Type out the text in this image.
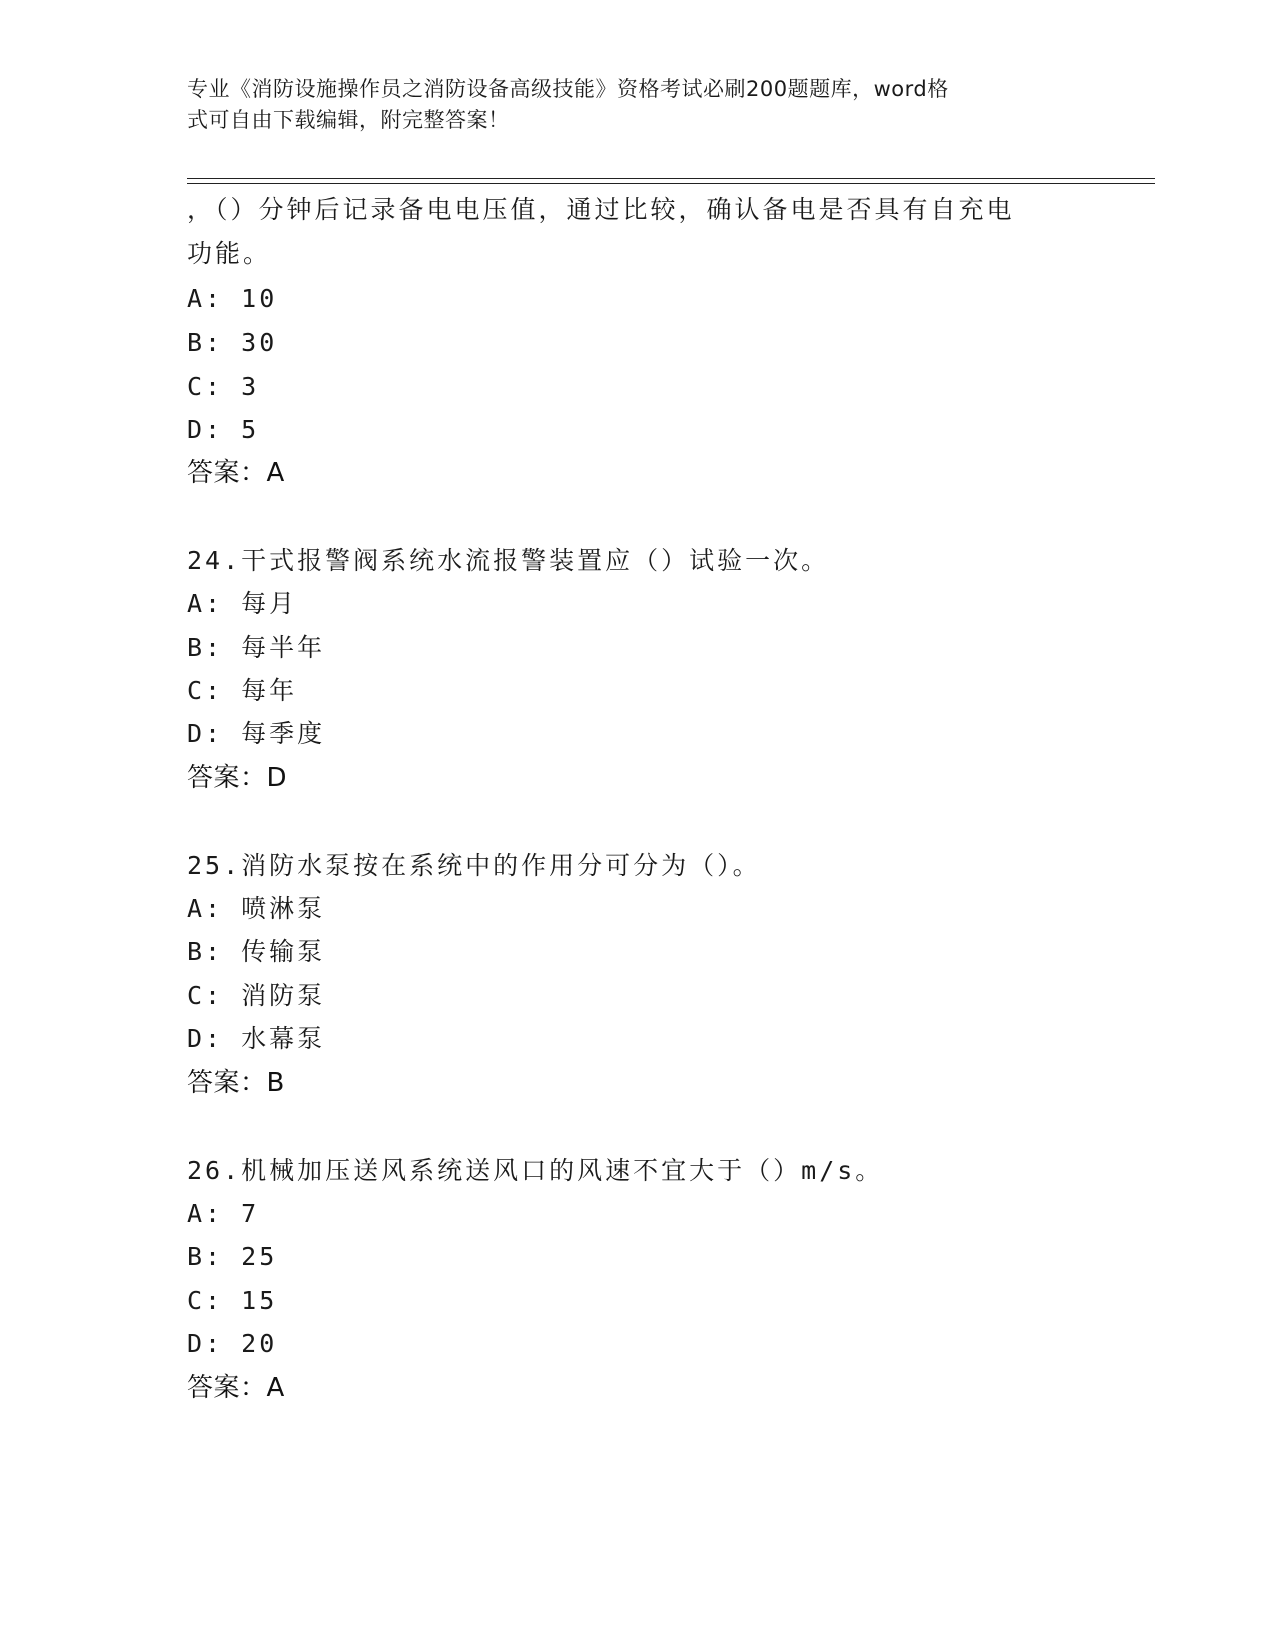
专业《消防设施操作员之消防设备高级技能》资格考试必刷200题题库，word格
式可自由下载编辑，附完整答案！
，（）分钟后记录备电电压值，通过比较，确认备电是否具有自充电
功能。
A: 10
B: 30
C: 3
D: 5
答案：A
24.干式报警阀系统水流报警装置应（）试验一次。
A: 每月
B: 每半年
C: 每年
D: 每季度
答案：D
25.消防水泵按在系统中的作用分可分为（）。
A: 喷淋泵
B: 传输泵
C: 消防泵
D: 水幕泵
答案：B
26.机械加压送风系统送风口的风速不宜大于（）m/s。
A: 7
B: 25
C: 15
D: 20
答案：A
